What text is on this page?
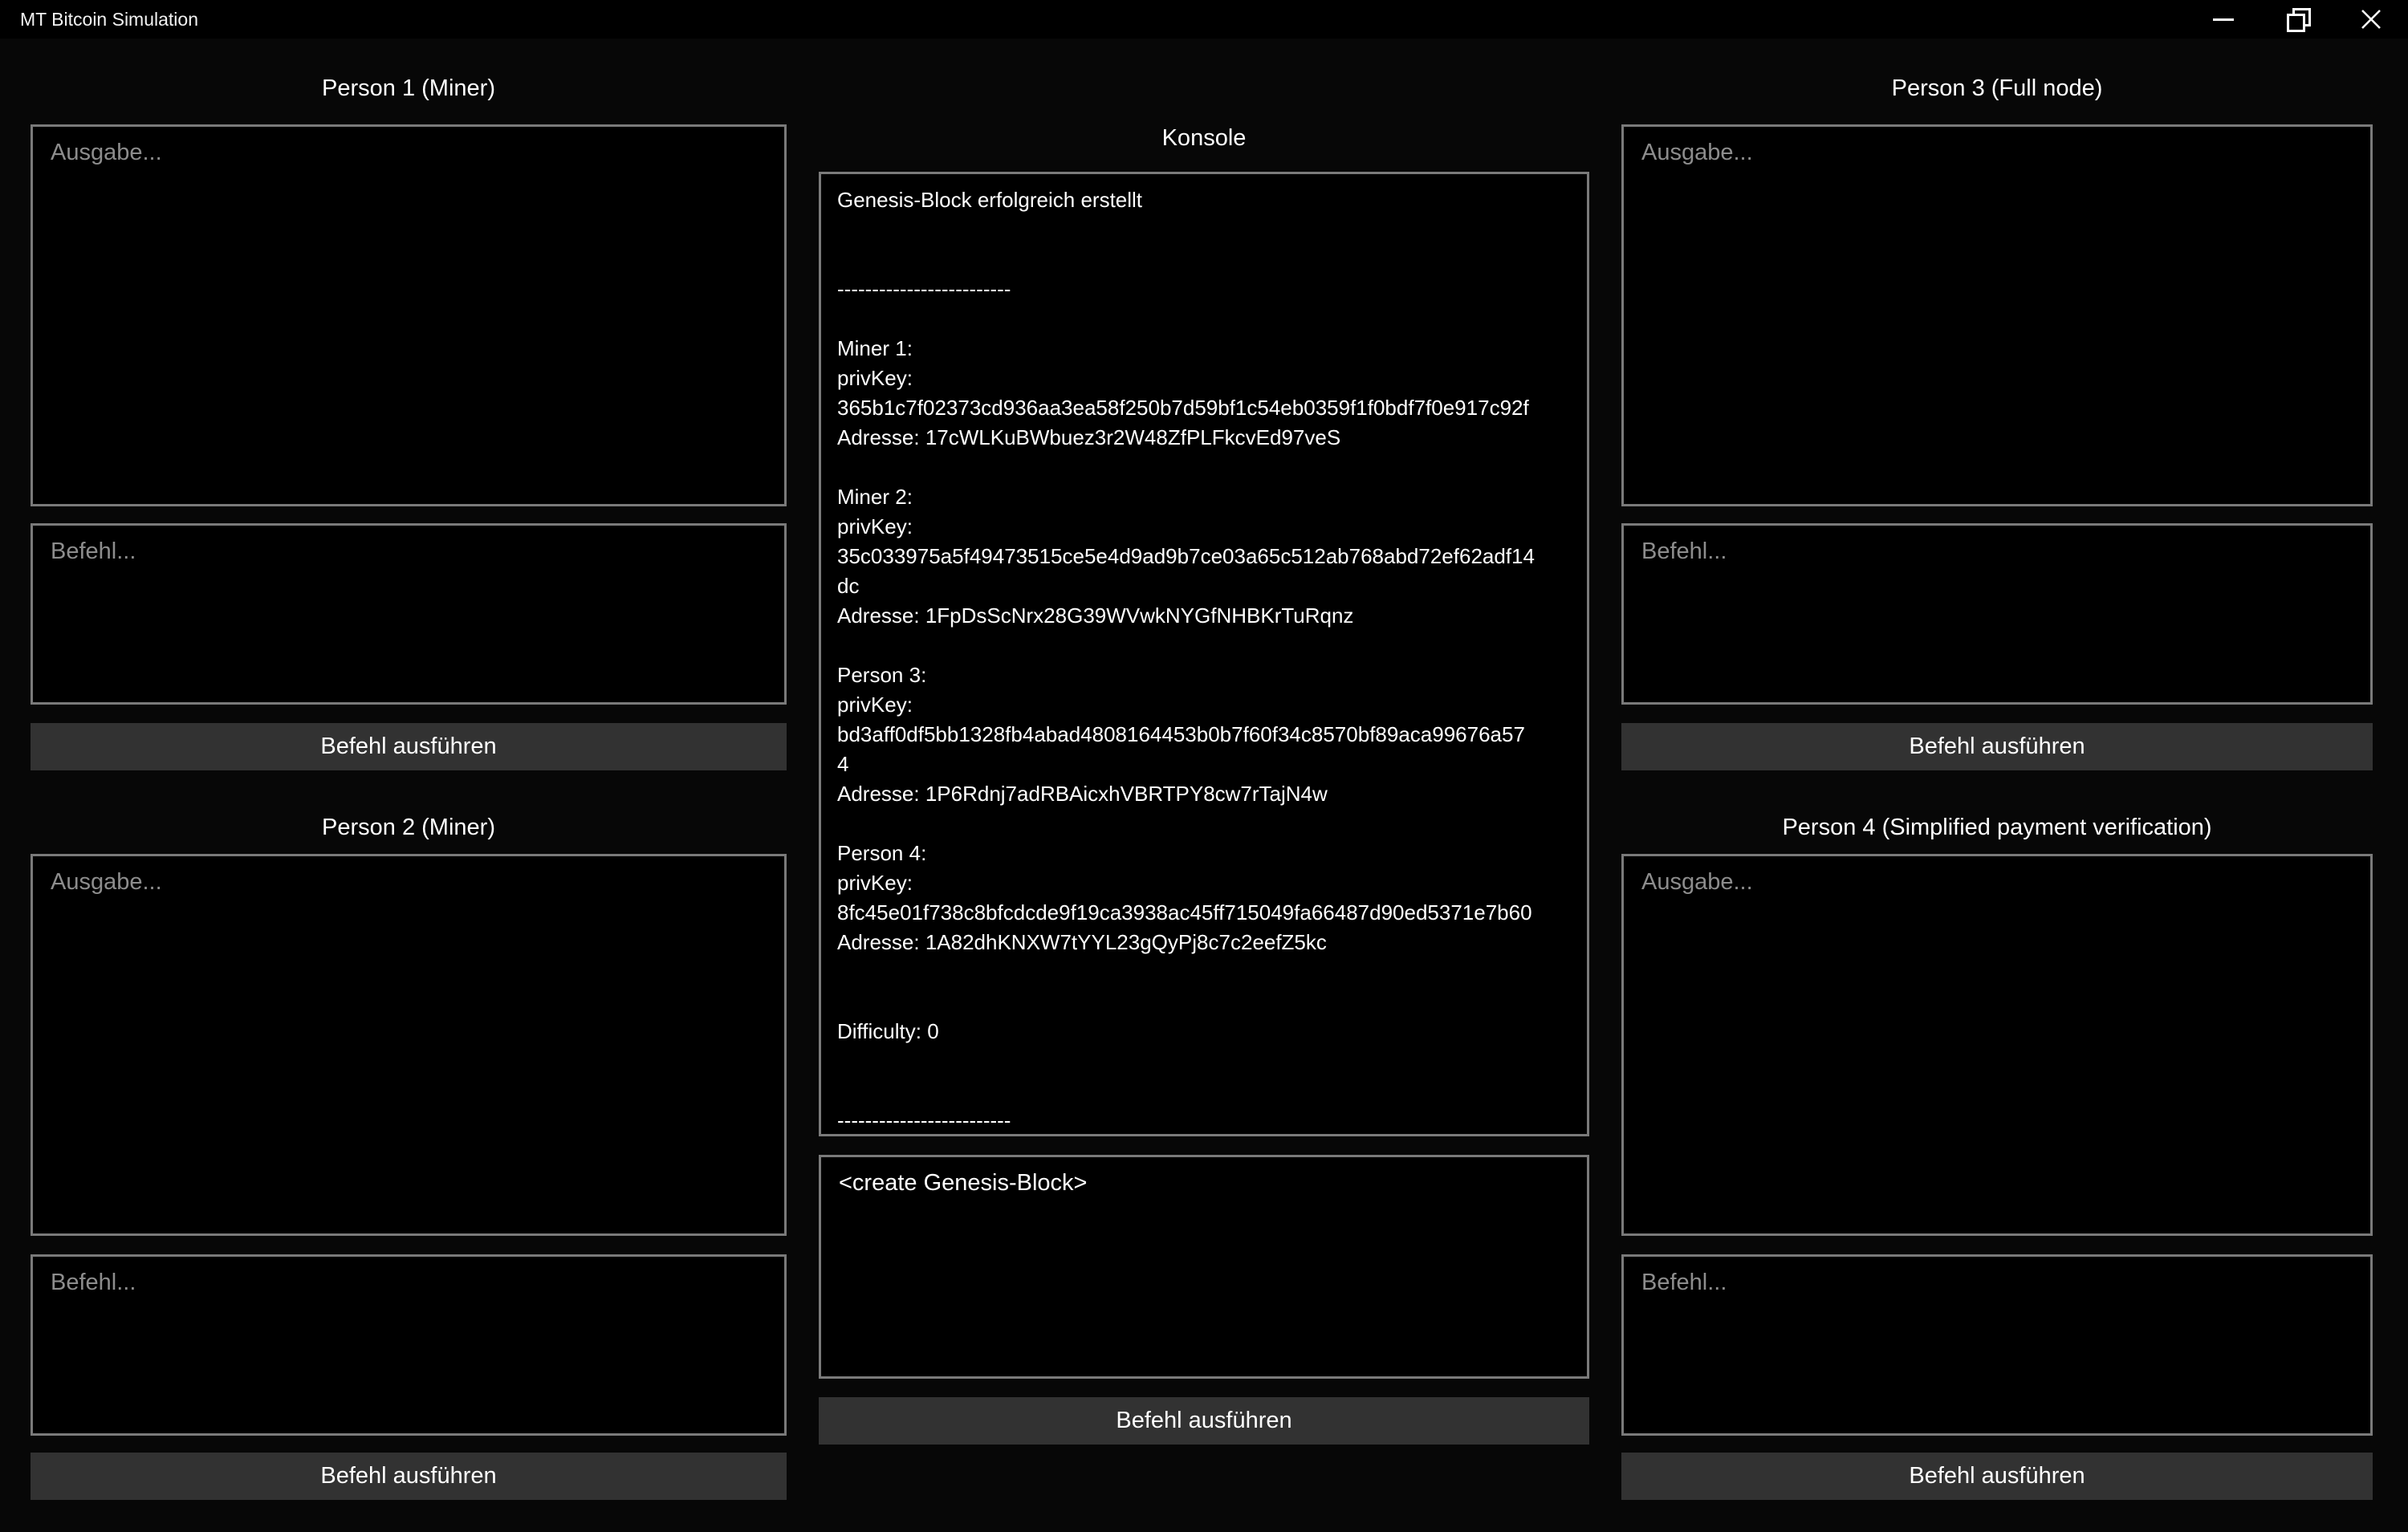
MT Bitcoin Simulation
Person 1 (Miner)
Ausgabe...
Befehl...
Befehl ausführen
Person 2 (Miner)
Ausgabe...
Befehl...
Befehl ausführen
Konsole
Genesis-Block erfolgreich erstellt

-------------------------

Miner 1:
privKey:
365b1c7f02373cd936aa3ea58f250b7d59bf1c54eb0359f1f0bdf7f0e917c92f
Adresse: 17cWLKuBWbuez3r2W48ZfPLFkcvEd97veS

Miner 2:
privKey:
35c033975a5f49473515ce5e4d9ad9b7ce03a65c512ab768abd72ef62adf14
dc
Adresse: 1FpDsScNrx28G39WVwkNYGfNHBKrTuRqnz

Person 3:
privKey:
bd3aff0df5bb1328fb4abad4808164453b0b7f60f34c8570bf89aca99676a57
4
Adresse: 1P6Rdnj7adRBAicxhVBRTPY8cw7rTajN4w

Person 4:
privKey:
8fc45e01f738c8bfcdcde9f19ca3938ac45ff715049fa66487d90ed5371e7b60
Adresse: 1A82dhKNXW7tYYL23gQyPj8c7c2eefZ5kc

Difficulty: 0

-------------------------
<create Genesis-Block>
Befehl ausführen
Person 3 (Full node)
Ausgabe...
Befehl...
Befehl ausführen
Person 4 (Simplified payment verification)
Ausgabe...
Befehl...
Befehl ausführen
